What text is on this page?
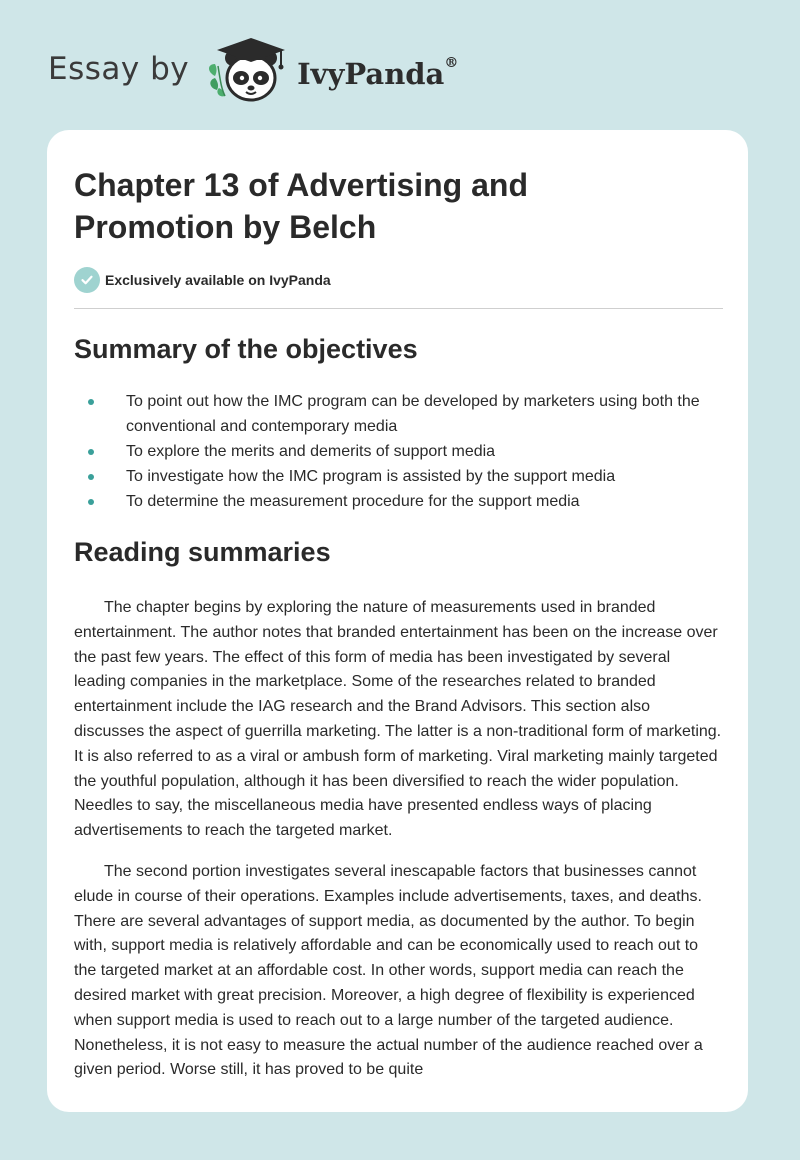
Essay by	IvyPanda®
Chapter 13 of Advertising and Promotion by Belch
Exclusively available on IvyPanda
Summary of the objectives
To point out how the IMC program can be developed by marketers using both the conventional and contemporary media
To explore the merits and demerits of support media
To investigate how the IMC program is assisted by the support media
To determine the measurement procedure for the support media
Reading summaries

The chapter begins by exploring the nature of measurements used in branded entertainment. The author notes that branded entertainment has been on the increase over the past few years. The effect of this form of media has been investigated by several leading companies in the marketplace. Some of the researches related to branded entertainment include the IAG research and the Brand Advisors. This section also discusses the aspect of guerrilla marketing. The latter is a non-traditional form of marketing. It is also referred to as a viral or ambush form of marketing. Viral marketing mainly targeted the youthful population, although it has been diversified to reach the wider population. Needles to say, the miscellaneous media have presented endless ways of placing advertisements to reach the targeted market.

The second portion investigates several inescapable factors that businesses cannot elude in course of their operations. Examples include advertisements, taxes, and deaths. There are several advantages of support media, as documented by the author. To begin with, support media is relatively affordable and can be economically used to reach out to the targeted market at an affordable cost. In other words, support media can reach the desired market with great precision. Moreover, a high degree of flexibility is experienced when support media is used to reach out to a large number of the targeted audience. Nonetheless, it is not easy to measure the actual number of the audience reached over a given period. Worse still, it has proved to be quite
